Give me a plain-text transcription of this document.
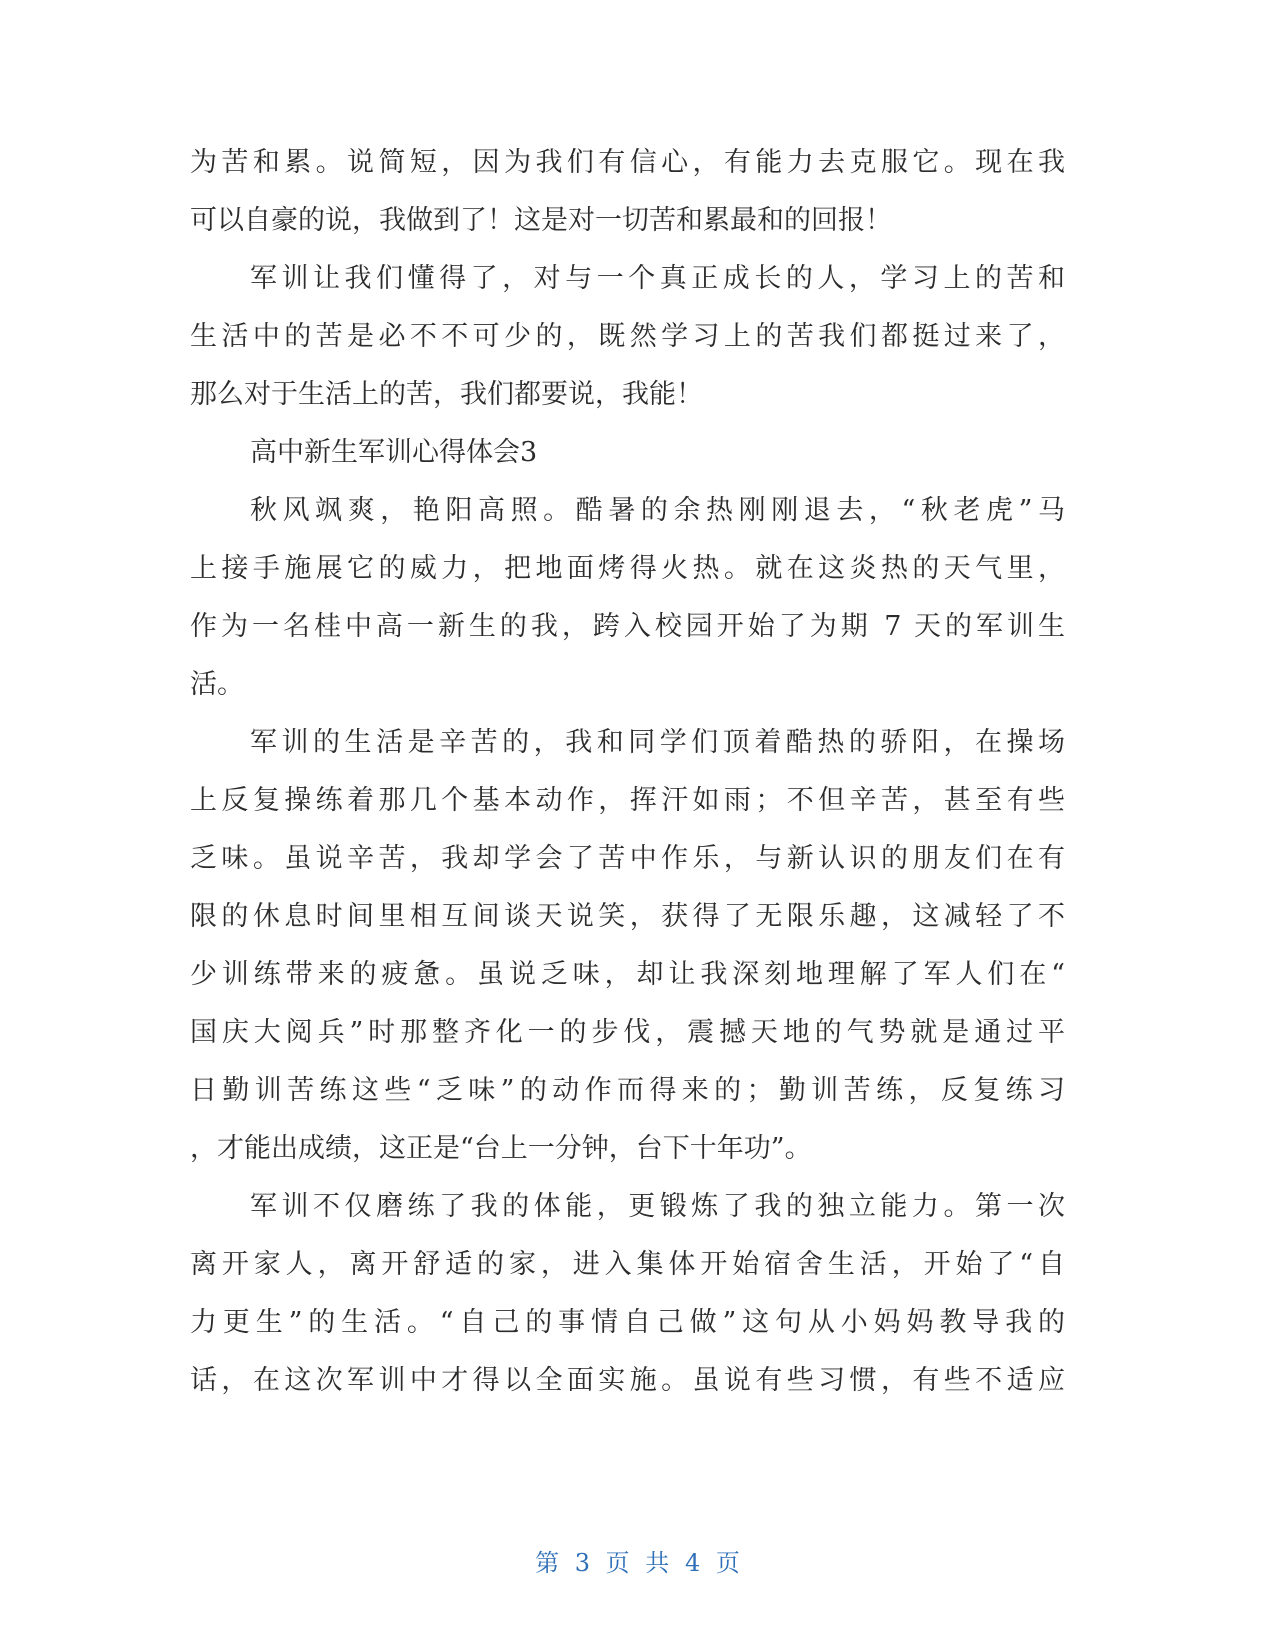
为苦和累。说简短，因为我们有信心，有能力去克服它。现在我
可以自豪的说，我做到了！这是对一切苦和累最和的回报！
军训让我们懂得了，对与一个真正成长的人，学习上的苦和
生活中的苦是必不不可少的，既然学习上的苦我们都挺过来了，
那么对于生活上的苦，我们都要说，我能！
高中新生军训心得体会3
秋风飒爽，艳阳高照。酷暑的余热刚刚退去，“秋老虎”马
上接手施展它的威力，把地面烤得火热。就在这炎热的天气里，
作为一名桂中高一新生的我，跨入校园开始了为期 7 天的军训生
活。
军训的生活是辛苦的，我和同学们顶着酷热的骄阳，在操场
上反复操练着那几个基本动作，挥汗如雨；不但辛苦，甚至有些
乏味。虽说辛苦，我却学会了苦中作乐，与新认识的朋友们在有
限的休息时间里相互间谈天说笑，获得了无限乐趣，这减轻了不
少训练带来的疲惫。虽说乏味，却让我深刻地理解了军人们在“
国庆大阅兵”时那整齐化一的步伐，震撼天地的气势就是通过平
日勤训苦练这些“乏味”的动作而得来的；勤训苦练，反复练习
，才能出成绩，这正是“台上一分钟，台下十年功”。
军训不仅磨练了我的体能，更锻炼了我的独立能力。第一次
离开家人，离开舒适的家，进入集体开始宿舍生活，开始了“自
力更生”的生活。“自己的事情自己做”这句从小妈妈教导我的
话，在这次军训中才得以全面实施。虽说有些习惯，有些不适应
第 3 页 共 4 页
